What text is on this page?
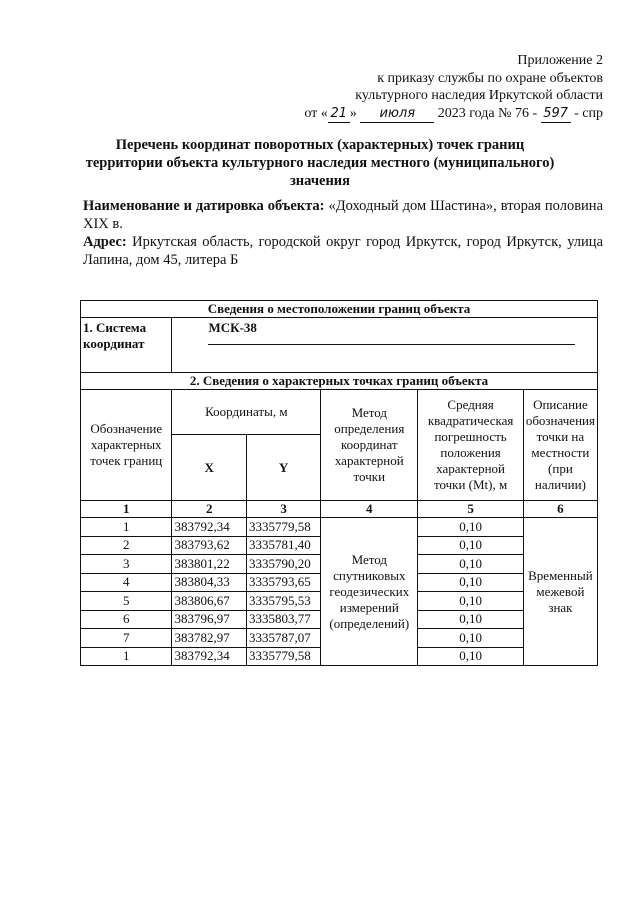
Приложение 2
к приказу службы по охране объектов
культурного наследия Иркутской области
от « 21 » июля 2023 года № 76 - 597 - спр
Перечень координат поворотных (характерных) точек границ
территории объекта культурного наследия местного (муниципального)
значения

Наименование и датировка объекта: «Доходный дом Шастина», вторая половина XIX в.

Адрес: Иркутская область, городской округ город Иркутск, город Иркутск, улица Лапина, дом 45, литера Б

Сведения о местоположении границ объекта					
1. Система координат	МСК-38				

2. Сведения о характерных точках границ объекта					
Обозначение характерных точек границ	Координаты, м		Метод определения координат характерной точки	Средняя квадратическая погрешность положения характерной точки (Mt), м	Описание обозначения точки на местности (при наличии)
	X	Y			
1	2	3	4	5	6
1	383792,34	3335779,58	Метод спутниковых геодезических измерений (определений)	0,10	Временный межевой знак
2	383793,62	3335781,40		0,10	
3	383801,22	3335790,20		0,10	
4	383804,33	3335793,65		0,10	
5	383806,67	3335795,53		0,10	
6	383796,97	3335803,77		0,10	
7	383782,97	3335787,07		0,10	
1	383792,34	3335779,58		0,10	
